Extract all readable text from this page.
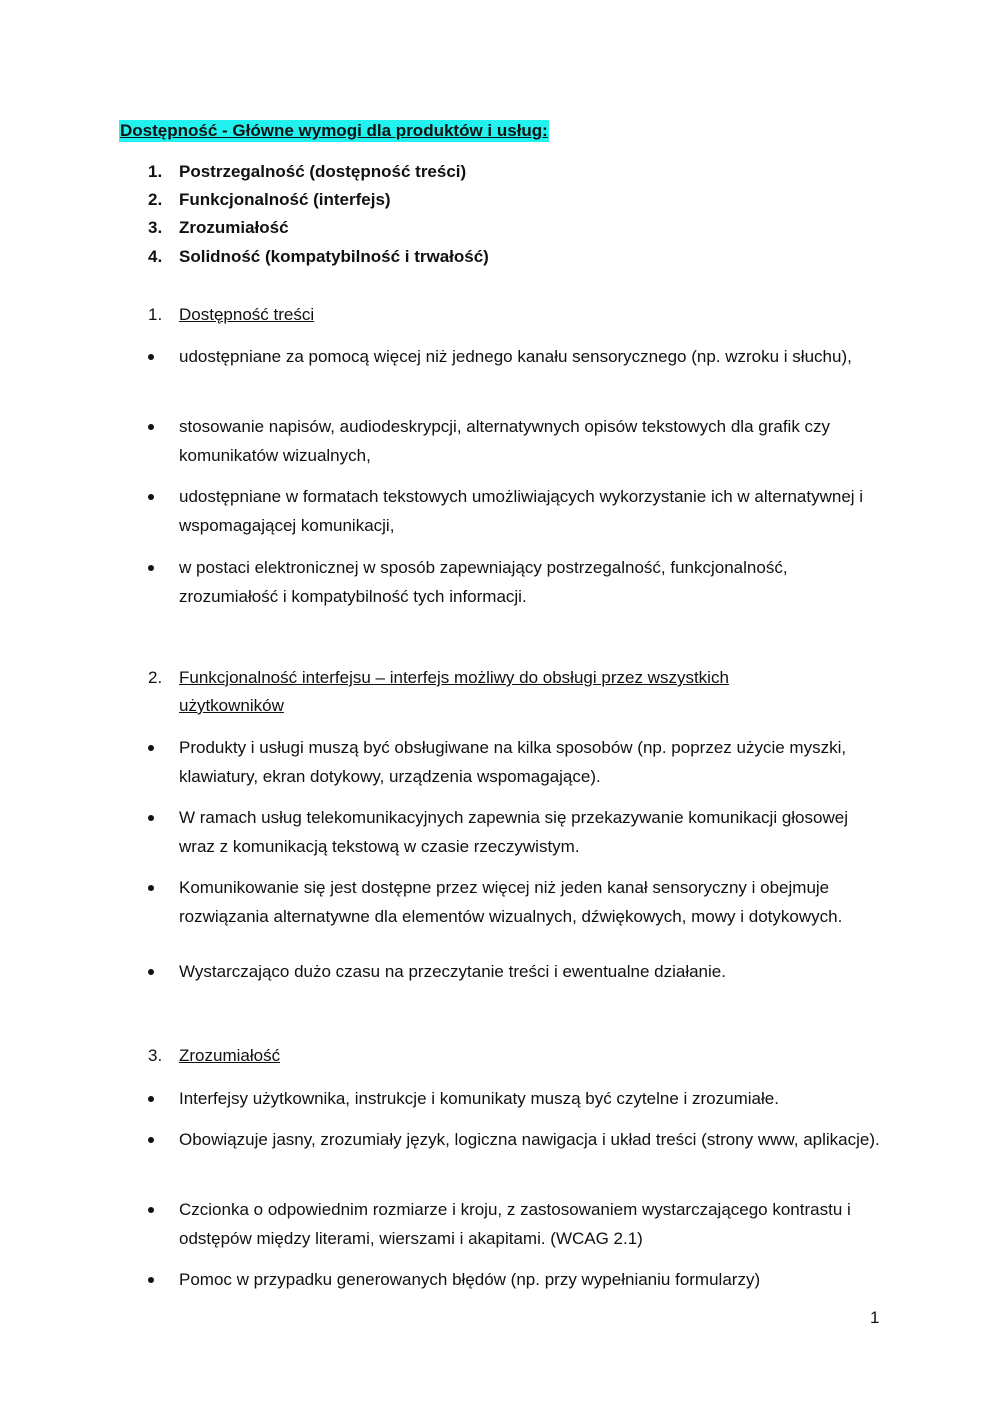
Dostępność - Główne wymogi dla produktów i usług:
1. Postrzegalność (dostępność treści)
2. Funkcjonalność (interfejs)
3. Zrozumiałość
4. Solidność (kompatybilność i trwałość)
1. Dostępność treści
udostępniane za pomocą więcej niż jednego kanału sensorycznego (np. wzroku i słuchu),
stosowanie napisów, audiodeskrypcji, alternatywnych opisów tekstowych dla grafik czy komunikatów wizualnych,
udostępniane w formatach tekstowych umożliwiających wykorzystanie ich w alternatywnej i wspomagającej komunikacji,
w postaci elektronicznej w sposób zapewniający postrzegalność, funkcjonalność, zrozumiałość i kompatybilność tych informacji.
2. Funkcjonalność interfejsu – interfejs możliwy do obsługi przez wszystkich użytkowników
Produkty i usługi muszą być obsługiwane na kilka sposobów (np. poprzez użycie myszki, klawiatury, ekran dotykowy, urządzenia wspomagające).
W ramach usług telekomunikacyjnych zapewnia się przekazywanie komunikacji głosowej wraz z komunikacją tekstową w czasie rzeczywistym.
Komunikowanie się jest dostępne przez więcej niż jeden kanał sensoryczny i obejmuje rozwiązania alternatywne dla elementów wizualnych, dźwiękowych, mowy i dotykowych.
Wystarczająco dużo czasu na przeczytanie treści i ewentualne działanie.
3. Zrozumiałość
Interfejsy użytkownika, instrukcje i komunikaty muszą być czytelne i zrozumiałe.
Obowiązuje jasny, zrozumiały język, logiczna nawigacja i układ treści (strony www, aplikacje).
Czcionka o odpowiednim rozmiarze i kroju, z zastosowaniem wystarczającego kontrastu i odstępów między literami, wierszami i akapitami. (WCAG 2.1)
Pomoc w przypadku generowanych błędów (np. przy wypełnianiu formularzy)
1
